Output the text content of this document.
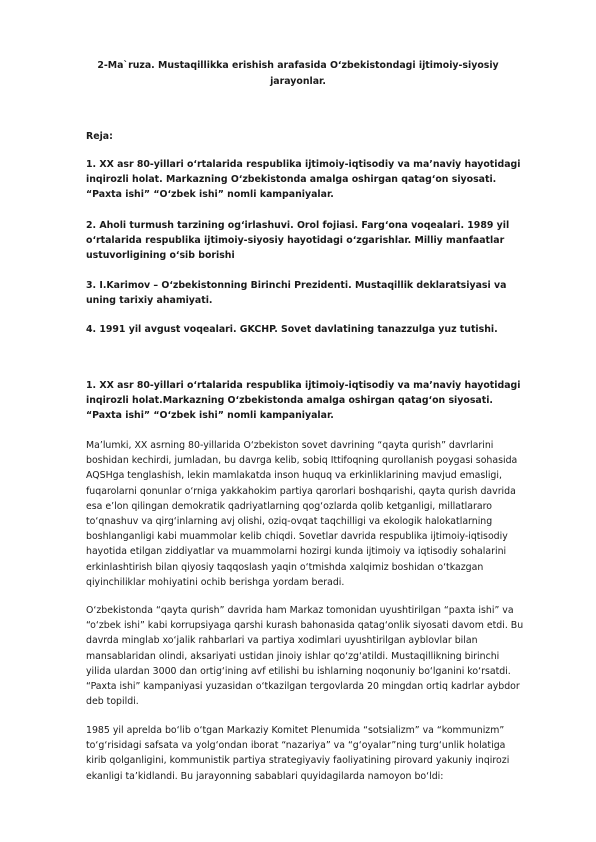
2-Ma`ruza. Mustaqillikka erishish arafasida O‘zbekistondagi ijtimoiy-siyosiy
jarayonlar.

Reja:

1. XX asr 80-yillari o‘rtalarida respublika ijtimoiy-iqtisodiy va ma’naviy hayotidagi inqirozli holat. Markazning O‘zbekistonda amalga oshirgan qatag‘on siyosati. “Paxta ishi” “O‘zbek ishi” nomli kampaniyalar.

2. Aholi turmush tarzining og‘irlashuvi. Orol fojiasi. Farg‘ona voqealari. 1989 yil o‘rtalarida respublika ijtimoiy-siyosiy hayotidagi o‘zgarishlar. Milliy manfaatlar ustuvorligining o‘sib borishi

3. I.Karimov – O‘zbekistonning Birinchi Prezidenti. Mustaqillik deklaratsiyasi va uning tarixiy ahamiyati.

4. 1991 yil avgust voqealari. GKCHP. Sovet davlatining tanazzulga yuz tutishi.

1. XX asr 80-yillari o‘rtalarida respublika ijtimoiy-iqtisodiy va ma’naviy hayotidagi inqirozli holat.Markazning O‘zbekistonda amalga oshirgan qatag‘on siyosati. “Paxta ishi” “O‘zbek ishi” nomli kampaniyalar.

Ma’lumki, XX asrning 80-yillarida O‘zbekiston sovet davrining “qayta qurish” davrlarini boshidan kechirdi, jumladan, bu davrga kelib, sobiq Ittifoqning qurollanish poygasi sohasida AQSHga tenglashish, lekin mamlakatda inson huquq va erkinliklarining mavjud emasligi, fuqarolarni qonunlar o‘rniga yakkahokim partiya qarorlari boshqarishi, qayta qurish davrida esa e’lon qilingan demokratik qadriyatlarning qog‘ozlarda qolib ketganligi, millatlararo to‘qnashuv va qirg‘inlarning avj olishi, oziq-ovqat taqchilligi va ekologik halokatlarning boshlanganligi kabi muammolar kelib chiqdi. Sovetlar davrida respublika ijtimoiy-iqtisodiy hayotida etilgan ziddiyatlar va muammolarni hozirgi kunda ijtimoiy va iqtisodiy sohalarini erkinlashtirish bilan qiyosiy taqqoslash yaqin o‘tmishda xalqimiz boshidan o‘tkazgan qiyinchiliklar mohiyatini ochib berishga yordam beradi.

O‘zbekistonda “qayta qurish” davrida ham Markaz tomonidan uyushtirilgan “paxta ishi” va “o‘zbek ishi” kabi korrupsiyaga qarshi kurash bahonasida qatag‘onlik siyosati davom etdi. Bu davrda minglab xo‘jalik rahbarlari va partiya xodimlari uyushtirilgan ayblovlar bilan mansablaridan olindi, aksariyati ustidan jinoiy ishlar qo‘zg‘atildi. Mustaqillikning birinchi yilida ulardan 3000 dan ortig‘ining avf etilishi bu ishlarning noqonuniy bo‘lganini ko‘rsatdi. “Paxta ishi” kampaniyasi yuzasidan o‘tkazilgan tergovlarda 20 mingdan ortiq kadrlar aybdor deb topildi.

1985 yil aprelda bo‘lib o‘tgan Markaziy Komitet Plenumida “sotsializm” va “kommunizm” to‘g‘risidagi safsata va yolg‘ondan iborat “nazariya” va “g‘oyalar”ning turg‘unlik holatiga kirib qolganligini, kommunistik partiya strategiyaviy faoliyatining pirovard yakuniy inqirozi ekanligi ta’kidlandi. Bu jarayonning sabablari quyidagilarda namoyon bo‘ldi:
